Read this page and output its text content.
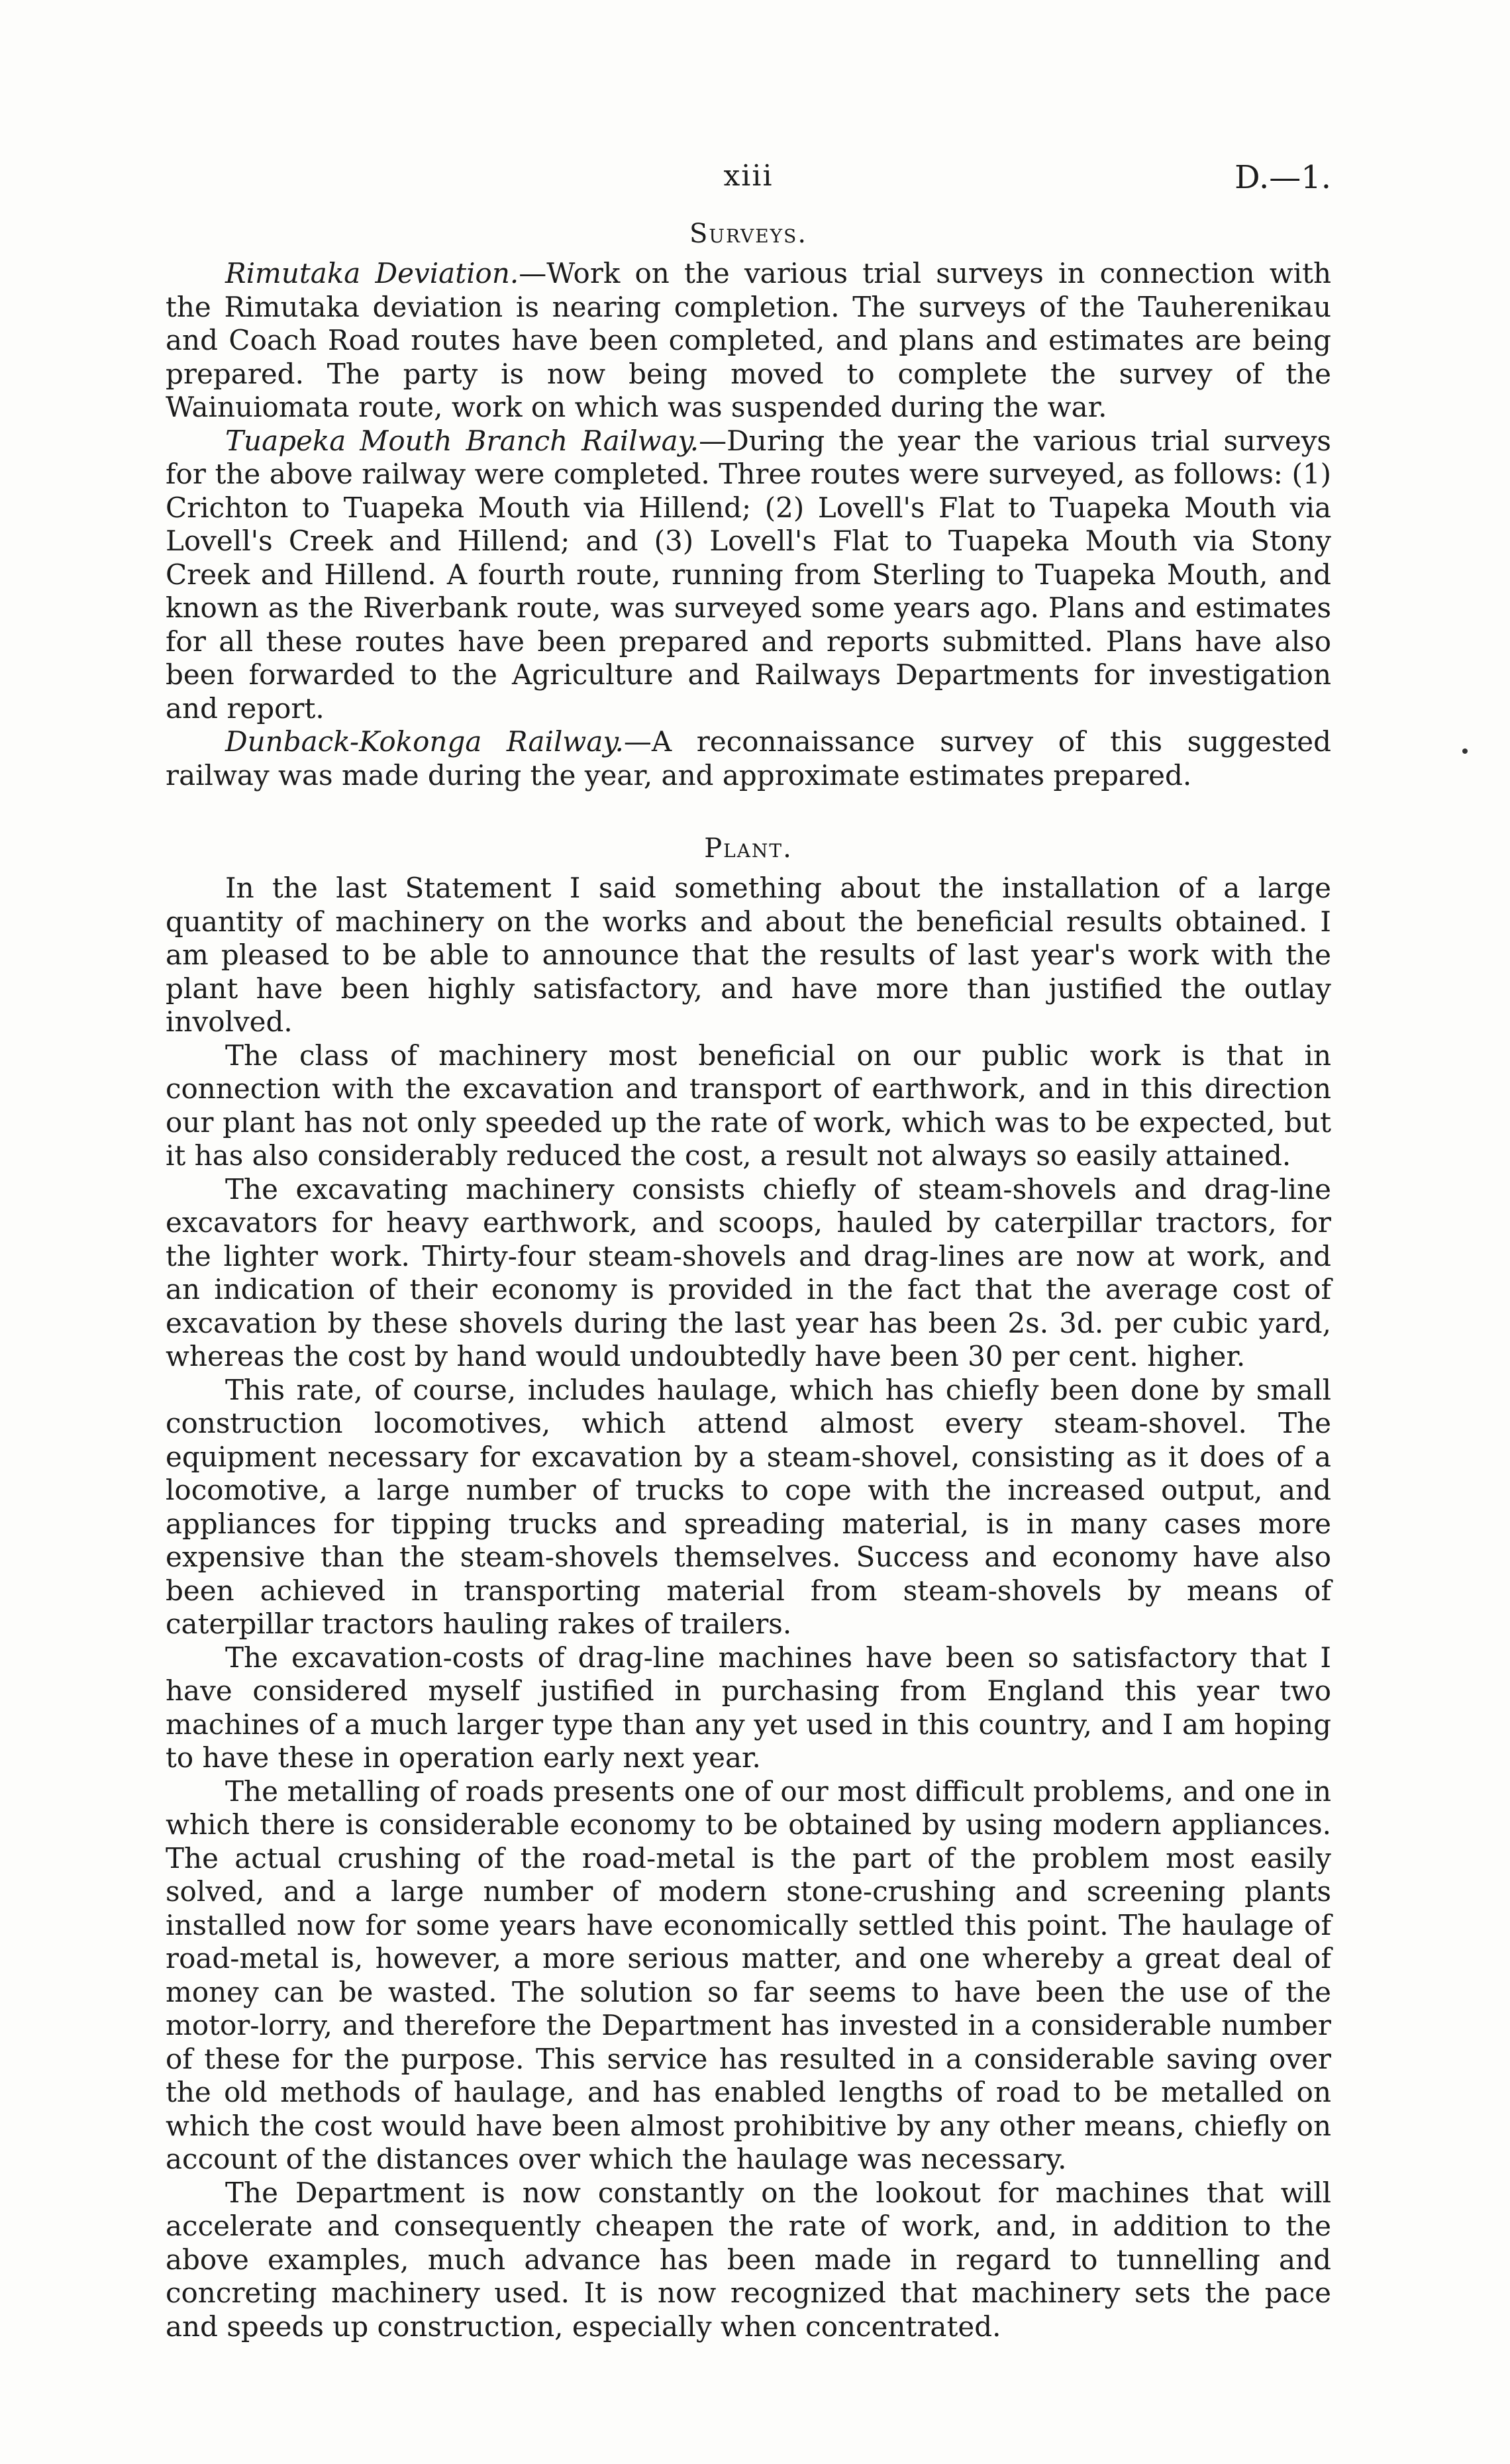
xiii	D.—1.
Surveys.

Rimutaka Deviation.—Work on the various trial surveys in connection with the Rimutaka deviation is nearing completion. The surveys of the Tauherenikau and Coach Road routes have been completed, and plans and estimates are being prepared. The party is now being moved to complete the survey of the Wainuiomata route, work on which was suspended during the war.

Tuapeka Mouth Branch Railway.—During the year the various trial surveys for the above railway were completed. Three routes were surveyed, as follows: (1) Crichton to Tuapeka Mouth via Hillend; (2) Lovell's Flat to Tuapeka Mouth via Lovell's Creek and Hillend; and (3) Lovell's Flat to Tuapeka Mouth via Stony Creek and Hillend. A fourth route, running from Sterling to Tuapeka Mouth, and known as the Riverbank route, was surveyed some years ago. Plans and estimates for all these routes have been prepared and reports submitted. Plans have also been forwarded to the Agriculture and Railways Departments for investigation and report.

Dunback-Kokonga Railway.—A reconnaissance survey of this suggested railway was made during the year, and approximate estimates prepared.

Plant.

In the last Statement I said something about the installation of a large quantity of machinery on the works and about the beneficial results obtained. I am pleased to be able to announce that the results of last year's work with the plant have been highly satisfactory, and have more than justified the outlay involved.

The class of machinery most beneficial on our public work is that in connection with the excavation and transport of earthwork, and in this direction our plant has not only speeded up the rate of work, which was to be expected, but it has also considerably reduced the cost, a result not always so easily attained.

The excavating machinery consists chiefly of steam-shovels and drag-line excavators for heavy earthwork, and scoops, hauled by caterpillar tractors, for the lighter work. Thirty-four steam-shovels and drag-lines are now at work, and an indication of their economy is provided in the fact that the average cost of excavation by these shovels during the last year has been 2s. 3d. per cubic yard, whereas the cost by hand would undoubtedly have been 30 per cent. higher.

This rate, of course, includes haulage, which has chiefly been done by small construction locomotives, which attend almost every steam-shovel. The equipment necessary for excavation by a steam-shovel, consisting as it does of a locomotive, a large number of trucks to cope with the increased output, and appliances for tipping trucks and spreading material, is in many cases more expensive than the steam-shovels themselves. Success and economy have also been achieved in transporting material from steam-shovels by means of caterpillar tractors hauling rakes of trailers.

The excavation-costs of drag-line machines have been so satisfactory that I have considered myself justified in purchasing from England this year two machines of a much larger type than any yet used in this country, and I am hoping to have these in operation early next year.

The metalling of roads presents one of our most difficult problems, and one in which there is considerable economy to be obtained by using modern appliances. The actual crushing of the road-metal is the part of the problem most easily solved, and a large number of modern stone-crushing and screening plants installed now for some years have economically settled this point. The haulage of road-metal is, however, a more serious matter, and one whereby a great deal of money can be wasted. The solution so far seems to have been the use of the motor-lorry, and therefore the Department has invested in a considerable number of these for the purpose. This service has resulted in a considerable saving over the old methods of haulage, and has enabled lengths of road to be metalled on which the cost would have been almost prohibitive by any other means, chiefly on account of the distances over which the haulage was necessary.

The Department is now constantly on the lookout for machines that will accelerate and consequently cheapen the rate of work, and, in addition to the above examples, much advance has been made in regard to tunnelling and concreting machinery used. It is now recognized that machinery sets the pace and speeds up construction, especially when concentrated.
